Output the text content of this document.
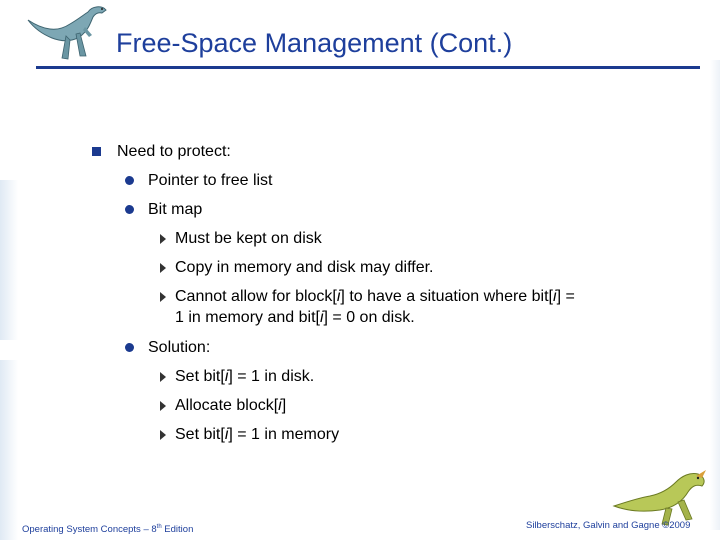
Free-Space Management (Cont.)
Need to protect:
Pointer to free list
Bit map
Must be kept on disk
Copy in memory and disk may differ.
Cannot allow for block[i] to have a situation where bit[i] =
1 in memory and bit[i] = 0 on disk.
Solution:
Set bit[i] = 1 in disk.
Allocate block[i]
Set bit[i] = 1 in memory
Operating System Concepts – 8th Edition	Silberschatz, Galvin and Gagne ©2009
